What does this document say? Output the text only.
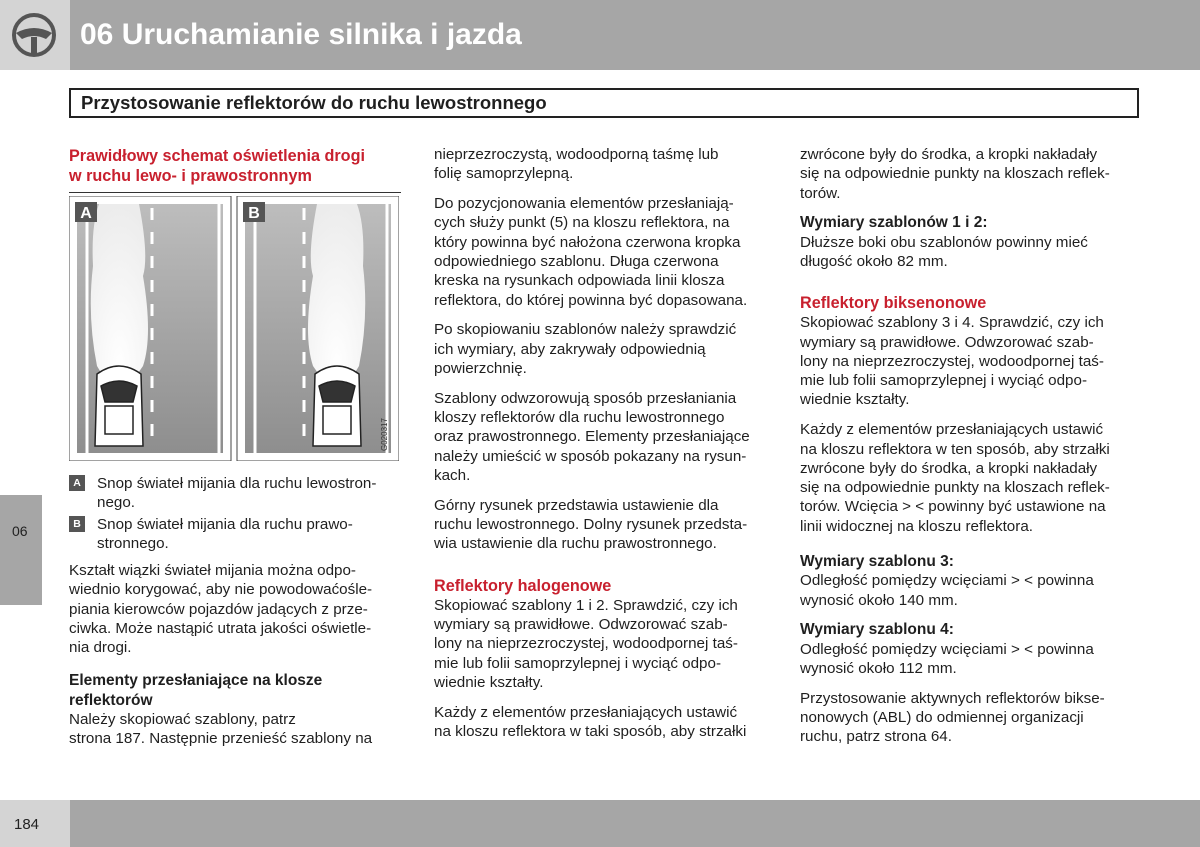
06 Uruchamianie silnika i jazda
Przystosowanie reflektorów do ruchu lewostronnego
06
Prawidłowy schemat oświetlenia drogi
w ruchu lewo- i prawostronnym
A	B
G020317
A Snop świateł mijania dla ruchu lewostron-
nego.
B Snop świateł mijania dla ruchu prawo-
stronnego.

Kształt wiązki świateł mijania można odpo-
wiednio korygować, aby nie powodowaćośle-
piania kierowców pojazdów jadących z prze-
ciwka. Może nastąpić utrata jakości oświetle-
nia drogi.

Elementy przesłaniające na klosze
reflektorów

Należy skopiować szablony, patrz
strona 187. Następnie przenieść szablony na

nieprzezroczystą, wodoodporną taśmę lub
folię samoprzylepną.

Do pozycjonowania elementów przesłaniają-
cych służy punkt (5) na kloszu reflektora, na
który powinna być nałożona czerwona kropka
odpowiedniego szablonu. Długa czerwona
kreska na rysunkach odpowiada linii klosza
reflektora, do której powinna być dopasowana.

Po skopiowaniu szablonów należy sprawdzić
ich wymiary, aby zakrywały odpowiednią
powierzchnię.

Szablony odwzorowują sposób przesłaniania
kloszy reflektorów dla ruchu lewostronnego
oraz prawostronnego. Elementy przesłaniające
należy umieścić w sposób pokazany na rysun-
kach.

Górny rysunek przedstawia ustawienie dla
ruchu lewostronnego. Dolny rysunek przedsta-
wia ustawienie dla ruchu prawostronnego.

Reflektory halogenowe

Skopiować szablony 1 i 2. Sprawdzić, czy ich
wymiary są prawidłowe. Odwzorować szab-
lony na nieprzezroczystej, wodoodpornej taś-
mie lub folii samoprzylepnej i wyciąć odpo-
wiednie kształty.

Każdy z elementów przesłaniających ustawić
na kloszu reflektora w taki sposób, aby strzałki

zwrócone były do środka, a kropki nakładały
się na odpowiednie punkty na kloszach reflek-
torów.

Wymiary szablonów 1 i 2:

Dłuższe boki obu szablonów powinny mieć
długość około 82 mm.

Reflektory biksenonowe

Skopiować szablony 3 i 4. Sprawdzić, czy ich
wymiary są prawidłowe. Odwzorować szab-
lony na nieprzezroczystej, wodoodpornej taś-
mie lub folii samoprzylepnej i wyciąć odpo-
wiednie kształty.

Każdy z elementów przesłaniających ustawić
na kloszu reflektora w ten sposób, aby strzałki
zwrócone były do środka, a kropki nakładały
się na odpowiednie punkty na kloszach reflek-
torów. Wcięcia > < powinny być ustawione na
linii widocznej na kloszu reflektora.

Wymiary szablonu 3:

Odległość pomiędzy wcięciami > < powinna
wynosić około 140 mm.

Wymiary szablonu 4:

Odległość pomiędzy wcięciami > < powinna
wynosić około 112 mm.

Przystosowanie aktywnych reflektorów bikse-
nonowych (ABL) do odmiennej organizacji
ruchu, patrz strona 64.

184
